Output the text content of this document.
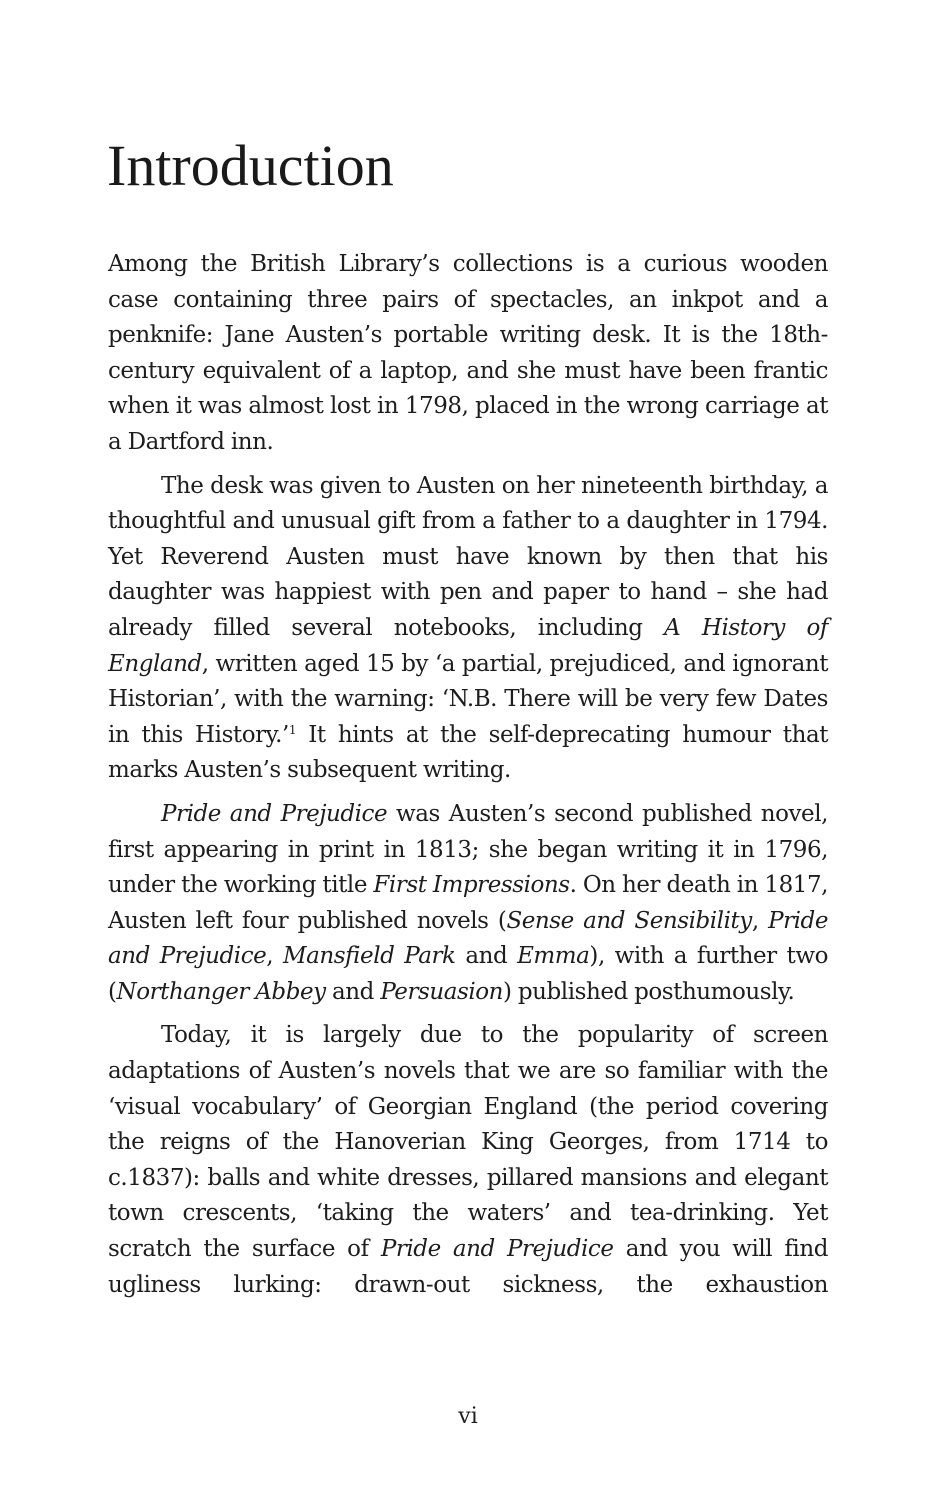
Introduction

Among the British Library’s collections is a curious wooden case containing three pairs of spectacles, an inkpot and a penknife: Jane Austen’s portable writing desk. It is the 18th-century equivalent of a laptop, and she must have been frantic when it was almost lost in 1798, placed in the wrong carriage at a Dartford inn.

The desk was given to Austen on her nineteenth birthday, a thoughtful and unusual gift from a father to a daughter in 1794. Yet Reverend Austen must have known by then that his daughter was happiest with pen and paper to hand – she had already filled several notebooks, including A History of England, written aged 15 by ‘a partial, prejudiced, and ignorant Historian’, with the warning: ‘N.B. There will be very few Dates in this History.’$^1$ It hints at the self-deprecating humour that marks Austen’s subsequent writing.

Pride and Prejudice was Austen’s second published novel, first appearing in print in 1813; she began writing it in 1796, under the working title First Impressions. On her death in 1817, Austen left four published novels (Sense and Sensibility, Pride and Prejudice, Mansfield Park and Emma), with a further two (Northanger Abbey and Persuasion) published posthumously.

Today, it is largely due to the popularity of screen adaptations of Austen’s novels that we are so familiar with the ‘visual vocabulary’ of Georgian England (the period covering the reigns of the Hanoverian King Georges, from 1714 to c.1837): balls and white dresses, pillared mansions and elegant town crescents, ‘taking the waters’ and tea-drinking. Yet scratch the surface of Pride and Prejudice and you will find ugliness lurking: drawn-out sickness, the exhaustion

vi
